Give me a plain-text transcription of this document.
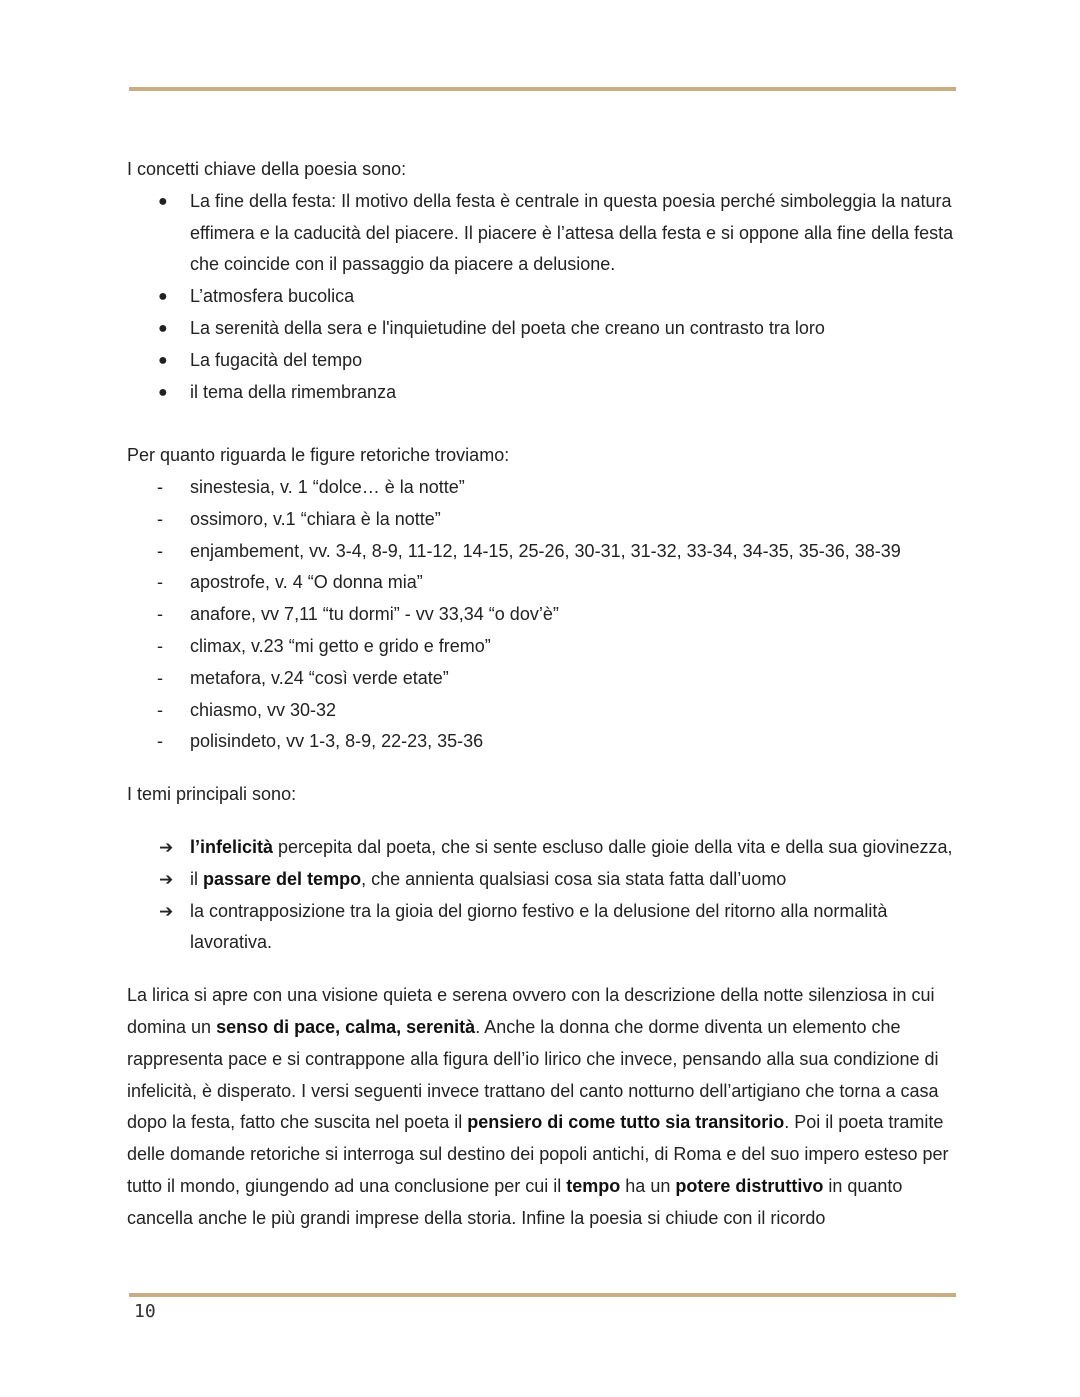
I concetti chiave della poesia sono:

●	La fine della festa: Il motivo della festa è centrale in questa poesia perché simboleggia la natura effimera e la caducità del piacere. Il piacere è l’attesa della festa e si oppone alla fine della festa che coincide con il passaggio da piacere a delusione.
●	L’atmosfera bucolica
●	La serenità della sera e l'inquietudine del poeta che creano un contrasto tra loro
●	La fugacità del tempo
●	il tema della rimembranza

Per quanto riguarda le figure retoriche troviamo:

-	sinestesia, v. 1 “dolce… è la notte”
-	ossimoro, v.1 “chiara è la notte”
-	enjambement, vv. 3-4, 8-9, 11-12, 14-15, 25-26, 30-31, 31-32, 33-34, 34-35, 35-36, 38-39
-	apostrofe, v. 4 “O donna mia”
-	anafore, vv 7,11 “tu dormi” - vv 33,34 “o dov’è”
-	climax, v.23 “mi getto e grido e fremo”
-	metafora, v.24 “così verde etate”
-	chiasmo, vv 30-32
-	polisindeto, vv 1-3, 8-9, 22-23, 35-36

I temi principali sono:

➔ l’infelicità percepita dal poeta, che si sente escluso dalle gioie della vita e della sua giovinezza,
➔ il passare del tempo, che annienta qualsiasi cosa sia stata fatta dall’uomo
➔ la contrapposizione tra la gioia del giorno festivo e la delusione del ritorno alla normalità lavorativa.

La lirica si apre con una visione quieta e serena ovvero con la descrizione della notte silenziosa in cui domina un senso di pace, calma, serenità. Anche la donna che dorme diventa un elemento che rappresenta pace e si contrappone alla figura dell’io lirico che invece, pensando alla sua condizione di infelicità, è disperato. I versi seguenti invece trattano del canto notturno dell’artigiano che torna a casa dopo la festa, fatto che suscita nel poeta il pensiero di come tutto sia transitorio. Poi il poeta tramite delle domande retoriche si interroga sul destino dei popoli antichi, di Roma e del suo impero esteso per tutto il mondo, giungendo ad una conclusione per cui il tempo ha un potere distruttivo in quanto cancella anche le più grandi imprese della storia. Infine la poesia si chiude con il ricordo

10
